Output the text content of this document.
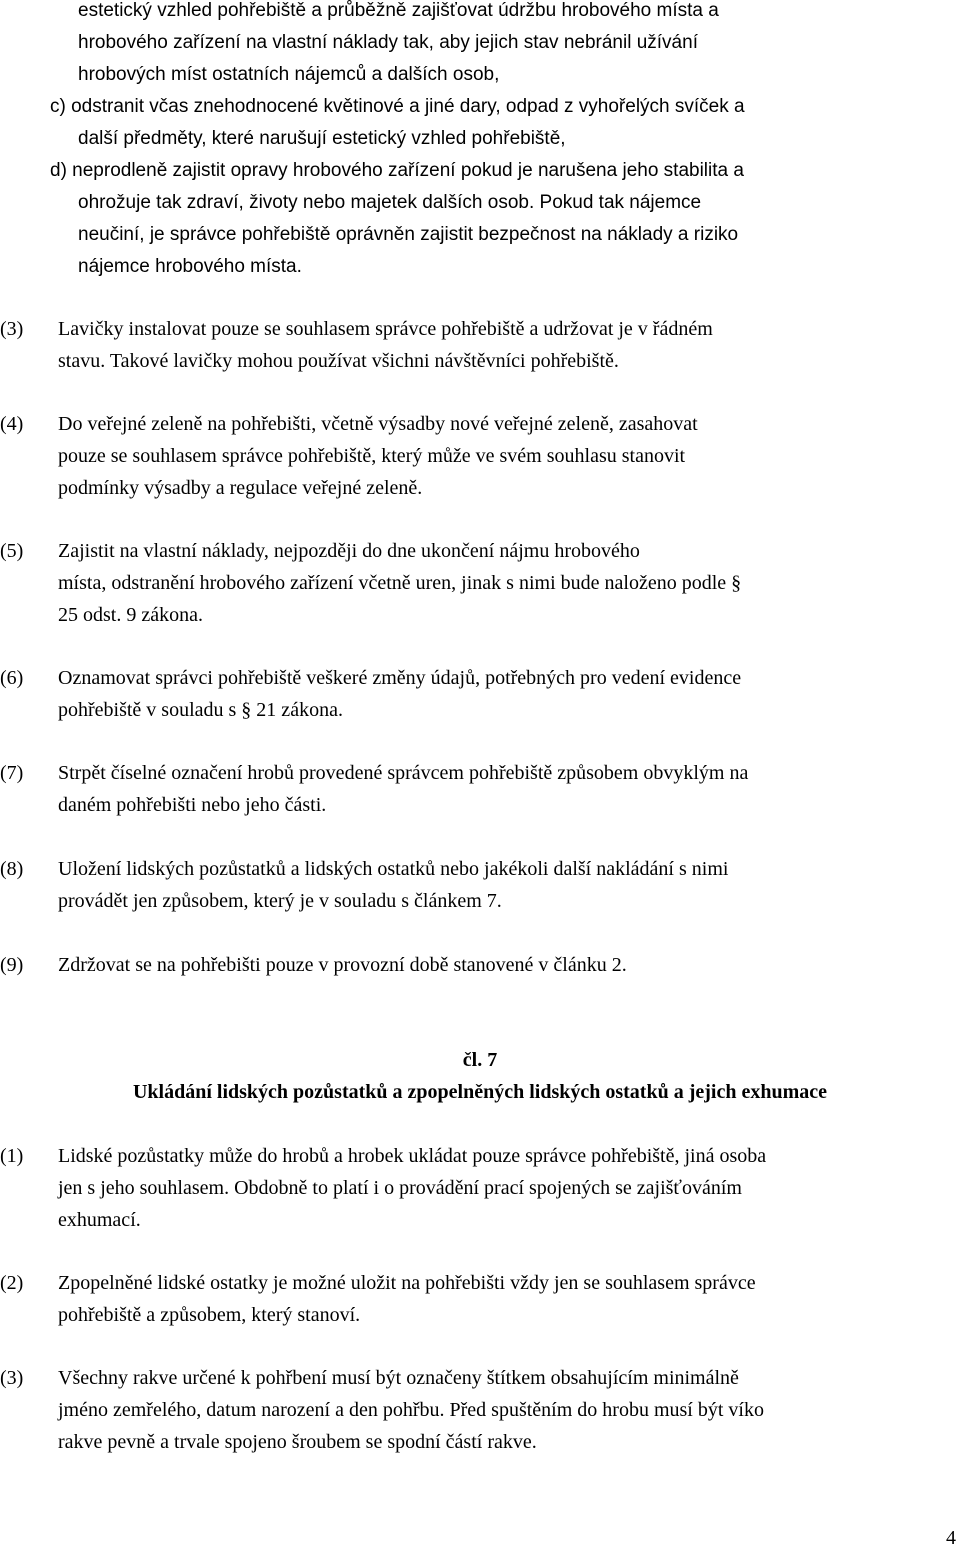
estetický vzhled pohřebiště a průběžně zajišťovat údržbu hrobového místa a
hrobového zařízení na vlastní náklady tak, aby jejich stav nebránil užívání
hrobových míst ostatních nájemců a dalších osob,
c) odstranit včas znehodnocené květinové a jiné dary, odpad z vyhořelých svíček a
další předměty, které narušují estetický vzhled pohřebiště,
d) neprodleně zajistit opravy hrobového zařízení pokud je narušena jeho stabilita a
ohrožuje tak zdraví, životy nebo majetek dalších osob. Pokud tak nájemce
neučiní, je správce pohřebiště oprávněn zajistit bezpečnost na náklady a riziko
nájemce hrobového místa.
(3)	Lavičky instalovat pouze se souhlasem správce pohřebiště a udržovat je v řádném
stavu. Takové lavičky mohou používat všichni návštěvníci pohřebiště.
(4)	Do veřejné zeleně na pohřebišti, včetně výsadby nové veřejné zeleně, zasahovat
pouze se souhlasem správce pohřebiště, který může ve svém souhlasu stanovit
podmínky výsadby a regulace veřejné zeleně.
(5)	Zajistit na vlastní náklady, nejpozději do dne ukončení nájmu hrobového
místa, odstranění hrobového zařízení včetně uren, jinak s nimi bude naloženo podle §
25 odst. 9 zákona.
(6)	Oznamovat správci pohřebiště veškeré změny údajů, potřebných pro vedení evidence
pohřebiště v souladu s § 21 zákona.
(7)	Strpět číselné označení hrobů provedené správcem pohřebiště způsobem obvyklým na
daném pohřebišti nebo jeho části.
(8)	Uložení lidských pozůstatků a lidských ostatků nebo jakékoli další nakládání s nimi
provádět jen způsobem, který je v souladu s článkem 7.
(9)	Zdržovat se na pohřebišti pouze v provozní době stanovené v článku 2.
čl. 7
Ukládání lidských pozůstatků a zpopelněných lidských ostatků a jejich exhumace
(1)	Lidské pozůstatky může do hrobů a hrobek ukládat pouze správce pohřebiště, jiná osoba
jen s jeho souhlasem. Obdobně to platí i o provádění prací spojených se zajišťováním
exhumací.
(2)	Zpopelněné lidské ostatky je možné uložit na pohřebišti vždy jen se souhlasem správce
pohřebiště a způsobem, který stanoví.
(3)	Všechny rakve určené k pohřbení musí být označeny štítkem obsahujícím minimálně
jméno zemřelého, datum narození a den pohřbu. Před spuštěním do hrobu musí být víko
rakve pevně a trvale spojeno šroubem se spodní částí rakve.
4
